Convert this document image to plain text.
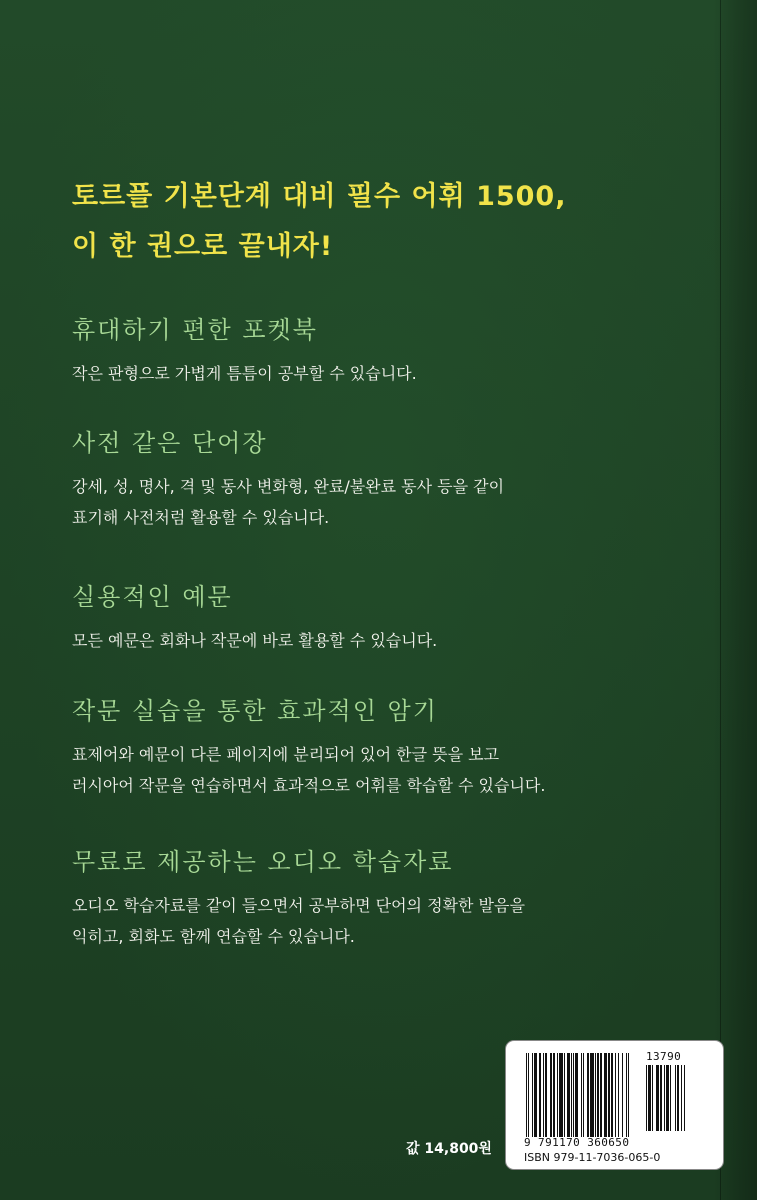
토르플 기본단계 대비 필수 어휘 1500,
이 한 권으로 끝내자!
휴대하기 편한 포켓북
작은 판형으로 가볍게 틈틈이 공부할 수 있습니다.
사전 같은 단어장
강세, 성, 명사, 격 및 동사 변화형, 완료/불완료 동사 등을 같이
표기해 사전처럼 활용할 수 있습니다.
실용적인 예문
모든 예문은 회화나 작문에 바로 활용할 수 있습니다.
작문 실습을 통한 효과적인 암기
표제어와 예문이 다른 페이지에 분리되어 있어 한글 뜻을 보고
러시아어 작문을 연습하면서 효과적으로 어휘를 학습할 수 있습니다.
무료로 제공하는 오디오 학습자료
오디오 학습자료를 같이 들으면서 공부하면 단어의 정확한 발음을
익히고, 회화도 함께 연습할 수 있습니다.
값 14,800원
13790
9 791170 360650
ISBN 979-11-7036-065-0
